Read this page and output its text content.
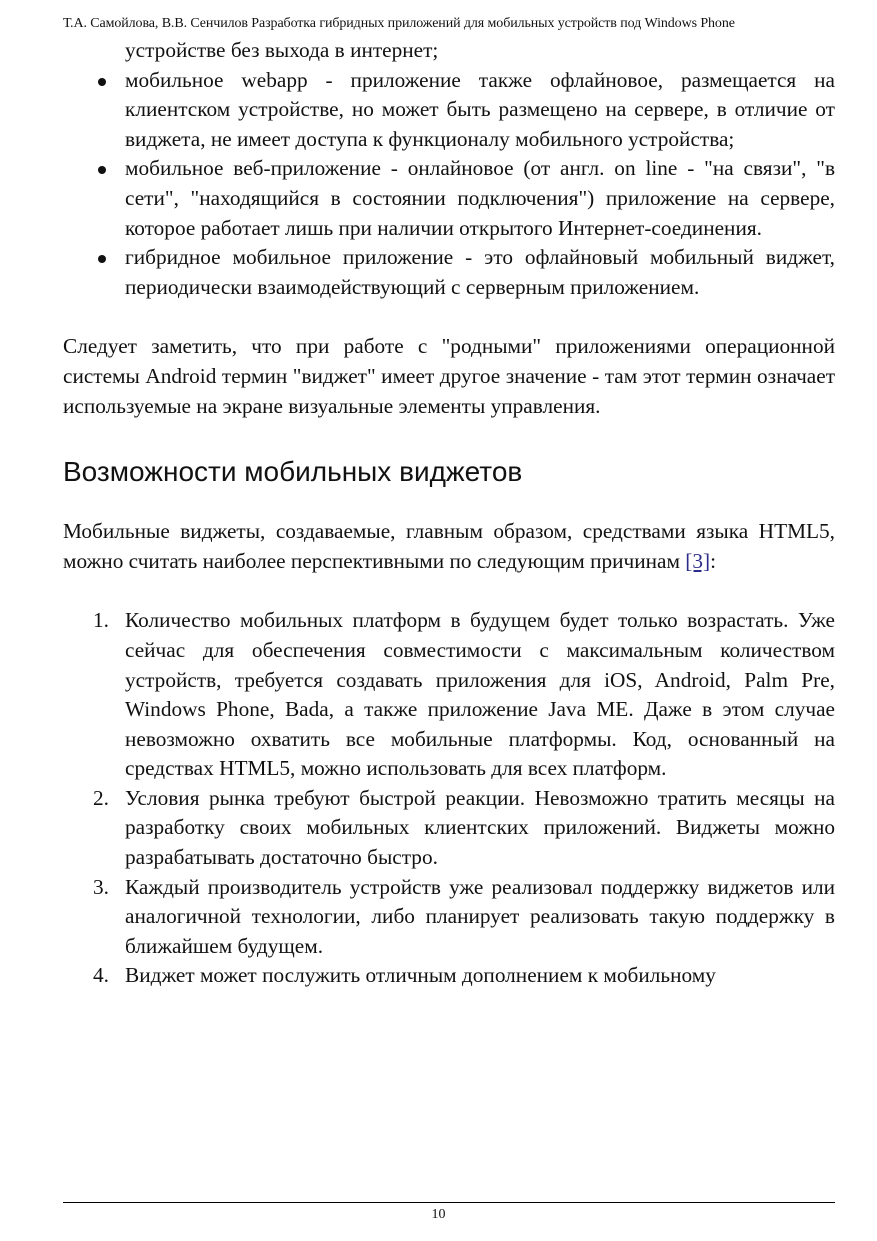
Т.А. Самойлова, В.В. Сенчилов Разработка гибридных приложений для мобильных устройств под Windows Phone

устройстве без выхода в интернет;

мобильное webapp - приложение также офлайновое, размещается на клиентском устройстве, но может быть размещено на сервере, в отличие от виджета, не имеет доступа к функционалу мобильного устройства;
мобильное веб-приложение - онлайновое (от англ. on line - "на связи", "в сети", "находящийся в состоянии подключения") приложение на сервере, которое работает лишь при наличии открытого Интернет-соединения.
гибридное мобильное приложение - это офлайновый мобильный виджет, периодически взаимодействующий с серверным приложением.

Следует заметить, что при работе с "родными" приложениями операционной системы Android термин "виджет" имеет другое значение - там этот термин означает используемые на экране визуальные элементы управления.

Возможности мобильных виджетов

Мобильные виджеты, создаваемые, главным образом, средствами языка HTML5, можно считать наиболее перспективными по следующим причинам [3]:

1. Количество мобильных платформ в будущем будет только возрастать. Уже сейчас для обеспечения совместимости с максимальным количеством устройств, требуется создавать приложения для iOS, Android, Palm Pre, Windows Phone, Bada, а также приложение Java ME. Даже в этом случае невозможно охватить все мобильные платформы. Код, основанный на средствах HTML5, можно использовать для всех платформ.
2. Условия рынка требуют быстрой реакции. Невозможно тратить месяцы на разработку своих мобильных клиентских приложений. Виджеты можно разрабатывать достаточно быстро.
3. Каждый производитель устройств уже реализовал поддержку виджетов или аналогичной технологии, либо планирует реализовать такую поддержку в ближайшем будущем.
4. Виджет может послужить отличным дополнением к мобильному
10
